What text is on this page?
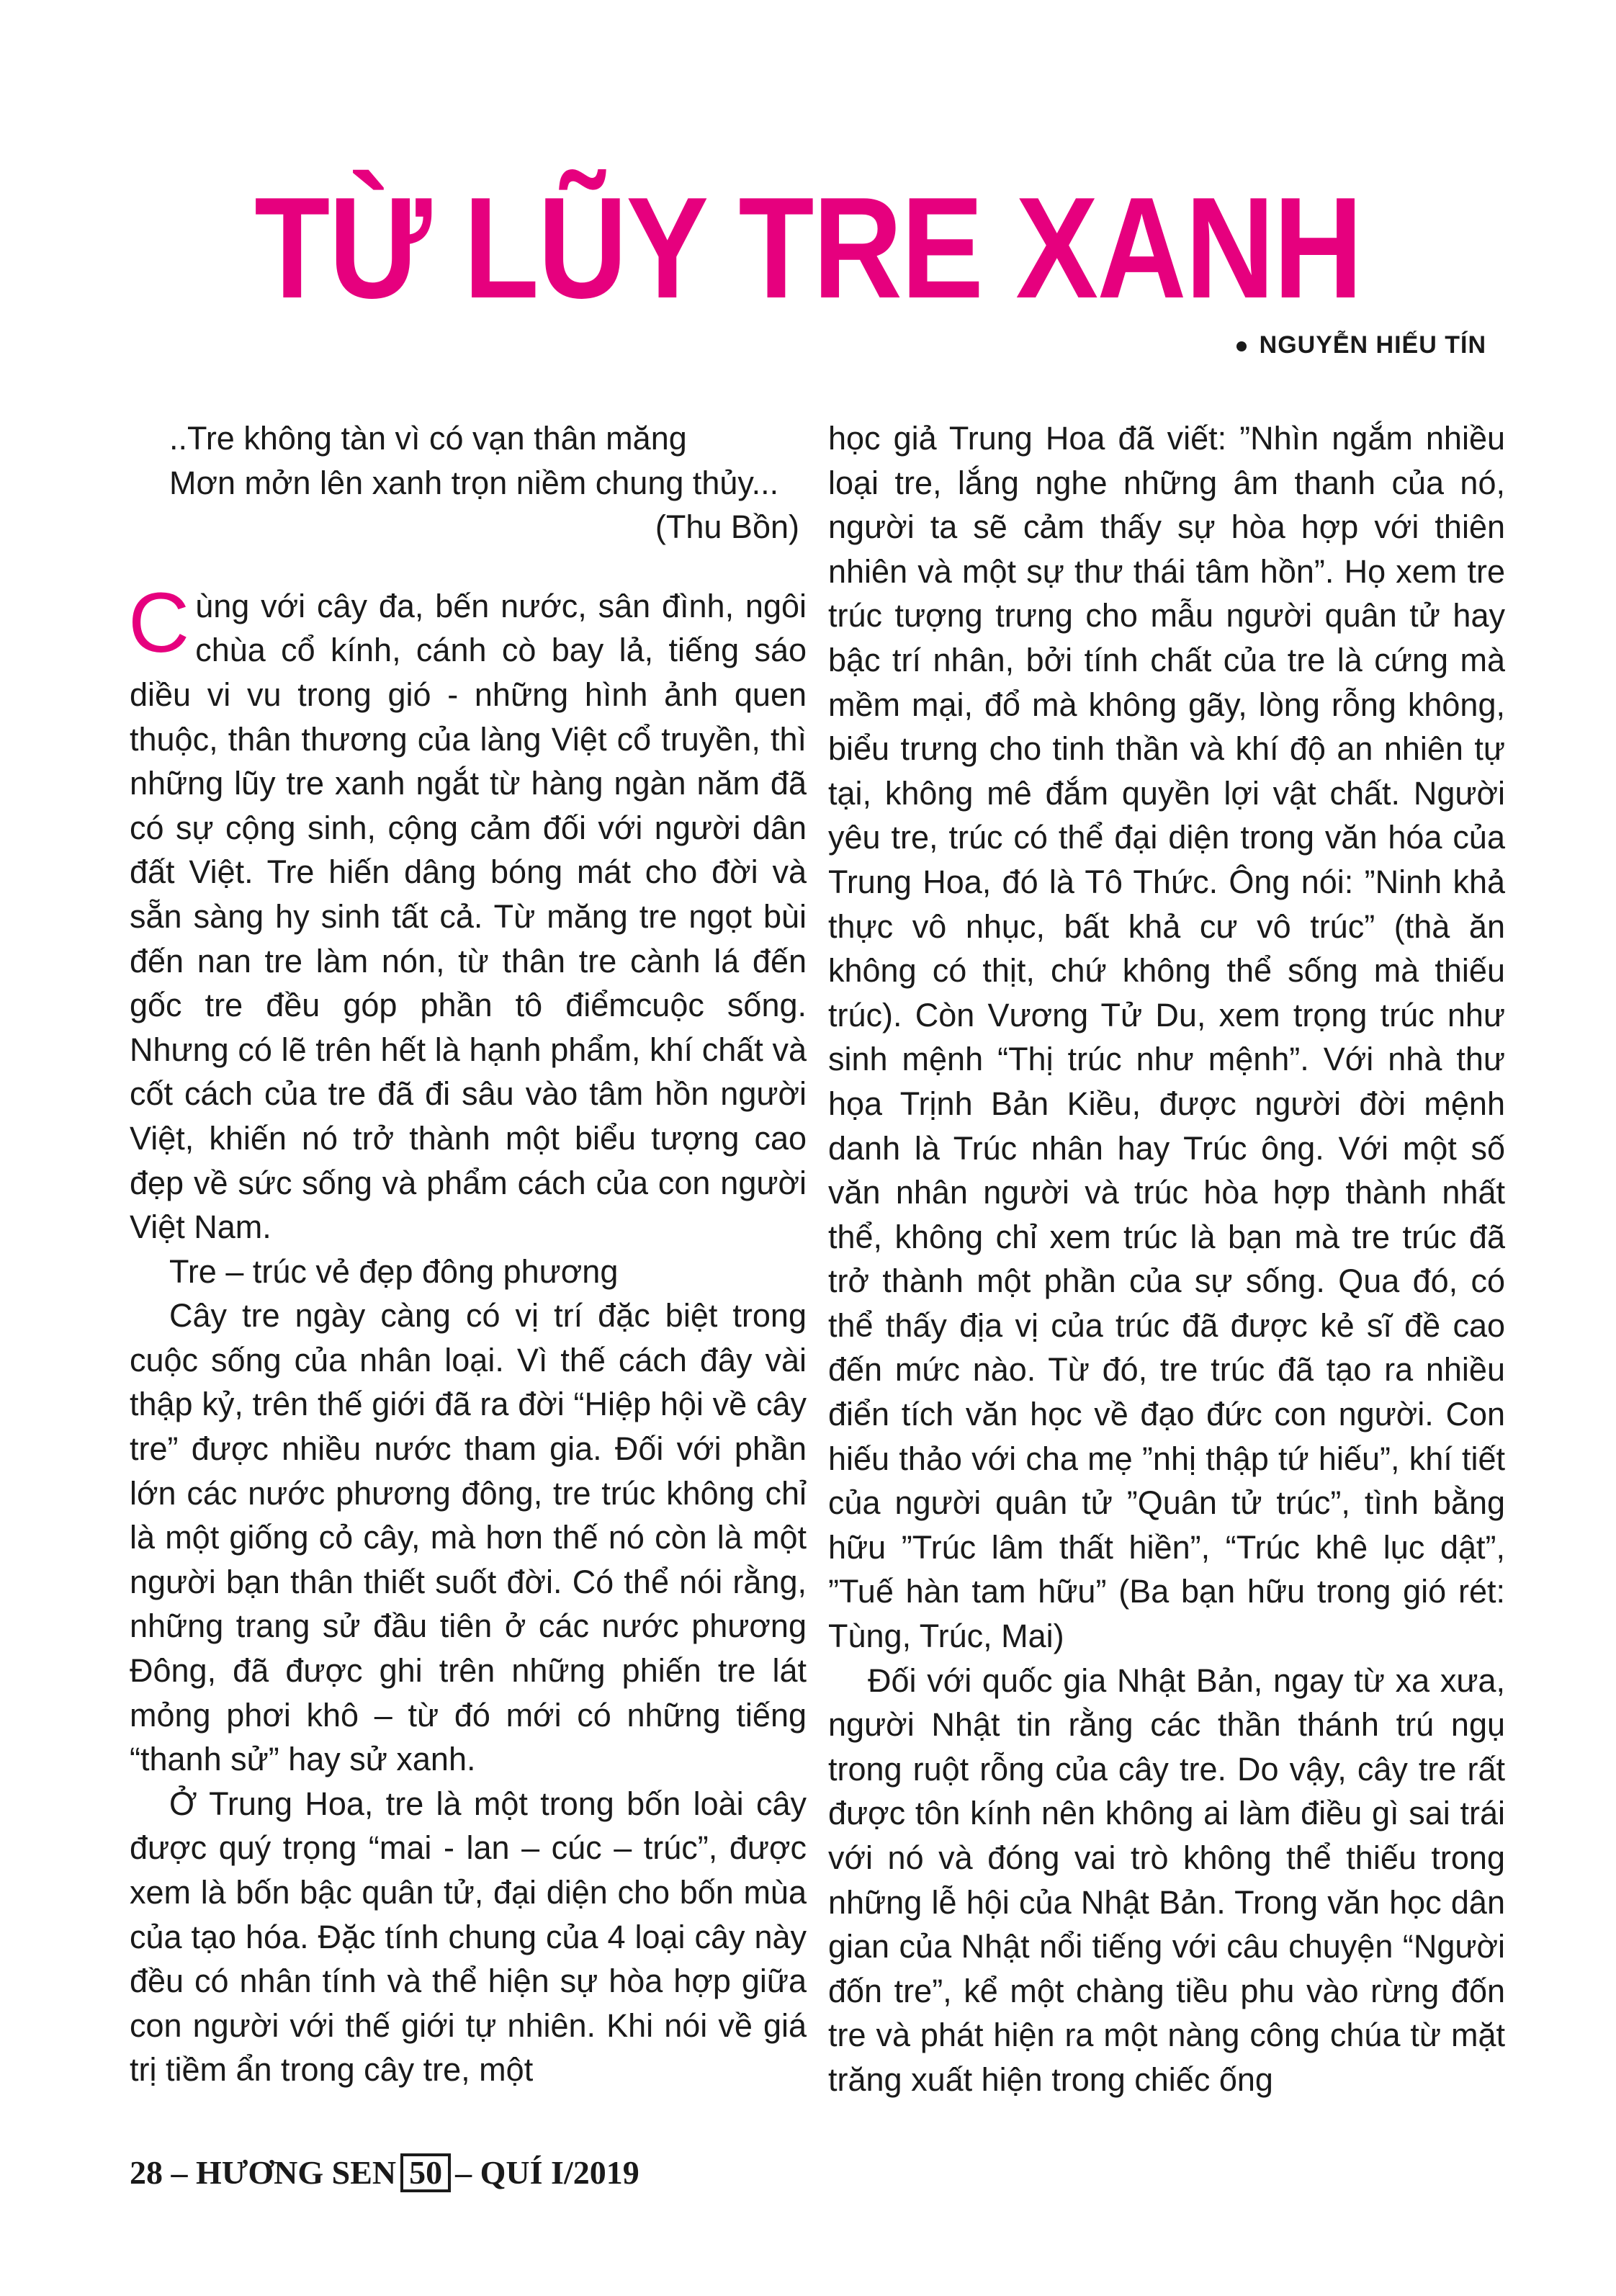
TỪ LŨY TRE XANH
NGUYỄN HIẾU TÍN

..Tre không tàn vì có vạn thân măng

Mơn mởn lên xanh trọn niềm chung thủy...

(Thu Bồn)

Cùng với cây đa, bến nước, sân đình, ngôi chùa cổ kính, cánh cò bay lả, tiếng sáo diều vi vu trong gió - những hình ảnh quen thuộc, thân thương của làng Việt cổ truyền, thì những lũy tre xanh ngắt từ hàng ngàn năm đã có sự cộng sinh, cộng cảm đối với người dân đất Việt. Tre hiến dâng bóng mát cho đời và sẵn sàng hy sinh tất cả. Từ măng tre ngọt bùi đến nan tre làm nón, từ thân tre cành lá đến gốc tre đều góp phần tô điểmcuộc sống. Nhưng có lẽ trên hết là hạnh phẩm, khí chất và cốt cách của tre đã đi sâu vào tâm hồn người Việt, khiến nó trở thành một biểu tượng cao đẹp về sức sống và phẩm cách của con người Việt Nam.

Tre – trúc vẻ đẹp đông phương

Cây tre ngày càng có vị trí đặc biệt trong cuộc sống của nhân loại. Vì thế cách đây vài thập kỷ, trên thế giới đã ra đời “Hiệp hội về cây tre” được nhiều nước tham gia. Đối với phần lớn các nước phương đông, tre trúc không chỉ là một giống cỏ cây, mà hơn thế nó còn là một người bạn thân thiết suốt đời. Có thể nói rằng, những trang sử đầu tiên ở các nước phương Đông, đã được ghi trên những phiến tre lát mỏng phơi khô – từ đó mới có những tiếng “thanh sử” hay sử xanh.

Ở Trung Hoa, tre là một trong bốn loài cây được quý trọng “mai - lan – cúc – trúc”, được xem là bốn bậc quân tử, đại diện cho bốn mùa của tạo hóa. Đặc tính chung của 4 loại cây này đều có nhân tính và thể hiện sự hòa hợp giữa con người với thế giới tự nhiên. Khi nói về giá trị tiềm ẩn trong cây tre, một

học giả Trung Hoa đã viết: ”Nhìn ngắm nhiều loại tre, lắng nghe những âm thanh của nó, người ta sẽ cảm thấy sự hòa hợp với thiên nhiên và một sự thư thái tâm hồn”. Họ xem tre trúc tượng trưng cho mẫu người quân tử hay bậc trí nhân, bởi tính chất của tre là cứng mà mềm mại, đổ mà không gãy, lòng rỗng không, biểu trưng cho tinh thần và khí độ an nhiên tự tại, không mê đắm quyền lợi vật chất. Người yêu tre, trúc có thể đại diện trong văn hóa của Trung Hoa, đó là Tô Thức. Ông nói: ”Ninh khả thực vô nhục, bất khả cư vô trúc” (thà ăn không có thịt, chứ không thể sống mà thiếu trúc). Còn Vương Tử Du, xem trọng trúc như sinh mệnh “Thị trúc như mệnh”. Với nhà thư họa Trịnh Bản Kiều, được người đời mệnh danh là Trúc nhân hay Trúc ông. Với một số văn nhân người và trúc hòa hợp thành nhất thể, không chỉ xem trúc là bạn mà tre trúc đã trở thành một phần của sự sống. Qua đó, có thể thấy địa vị của trúc đã được kẻ sĩ đề cao đến mức nào. Từ đó, tre trúc đã tạo ra nhiều điển tích văn học về đạo đức con người. Con hiếu thảo với cha mẹ ”nhị thập tứ hiếu”, khí tiết của người quân tử ”Quân tử trúc”, tình bằng hữu ”Trúc lâm thất hiền”, “Trúc khê lục dật”, ”Tuế hàn tam hữu” (Ba bạn hữu trong gió rét: Tùng, Trúc, Mai)

Đối với quốc gia Nhật Bản, ngay từ xa xưa, người Nhật tin rằng các thần thánh trú ngụ trong ruột rỗng của cây tre. Do vậy, cây tre rất được tôn kính nên không ai làm điều gì sai trái với nó và đóng vai trò không thể thiếu trong những lễ hội của Nhật Bản. Trong văn học dân gian của Nhật nổi tiếng với câu chuyện “Người đốn tre”, kể một chàng tiều phu vào rừng đốn tre và phát hiện ra một nàng công chúa từ mặt trăng xuất hiện trong chiếc ống

28 – HƯƠNG SEN 50 – QUÍ I/2019
